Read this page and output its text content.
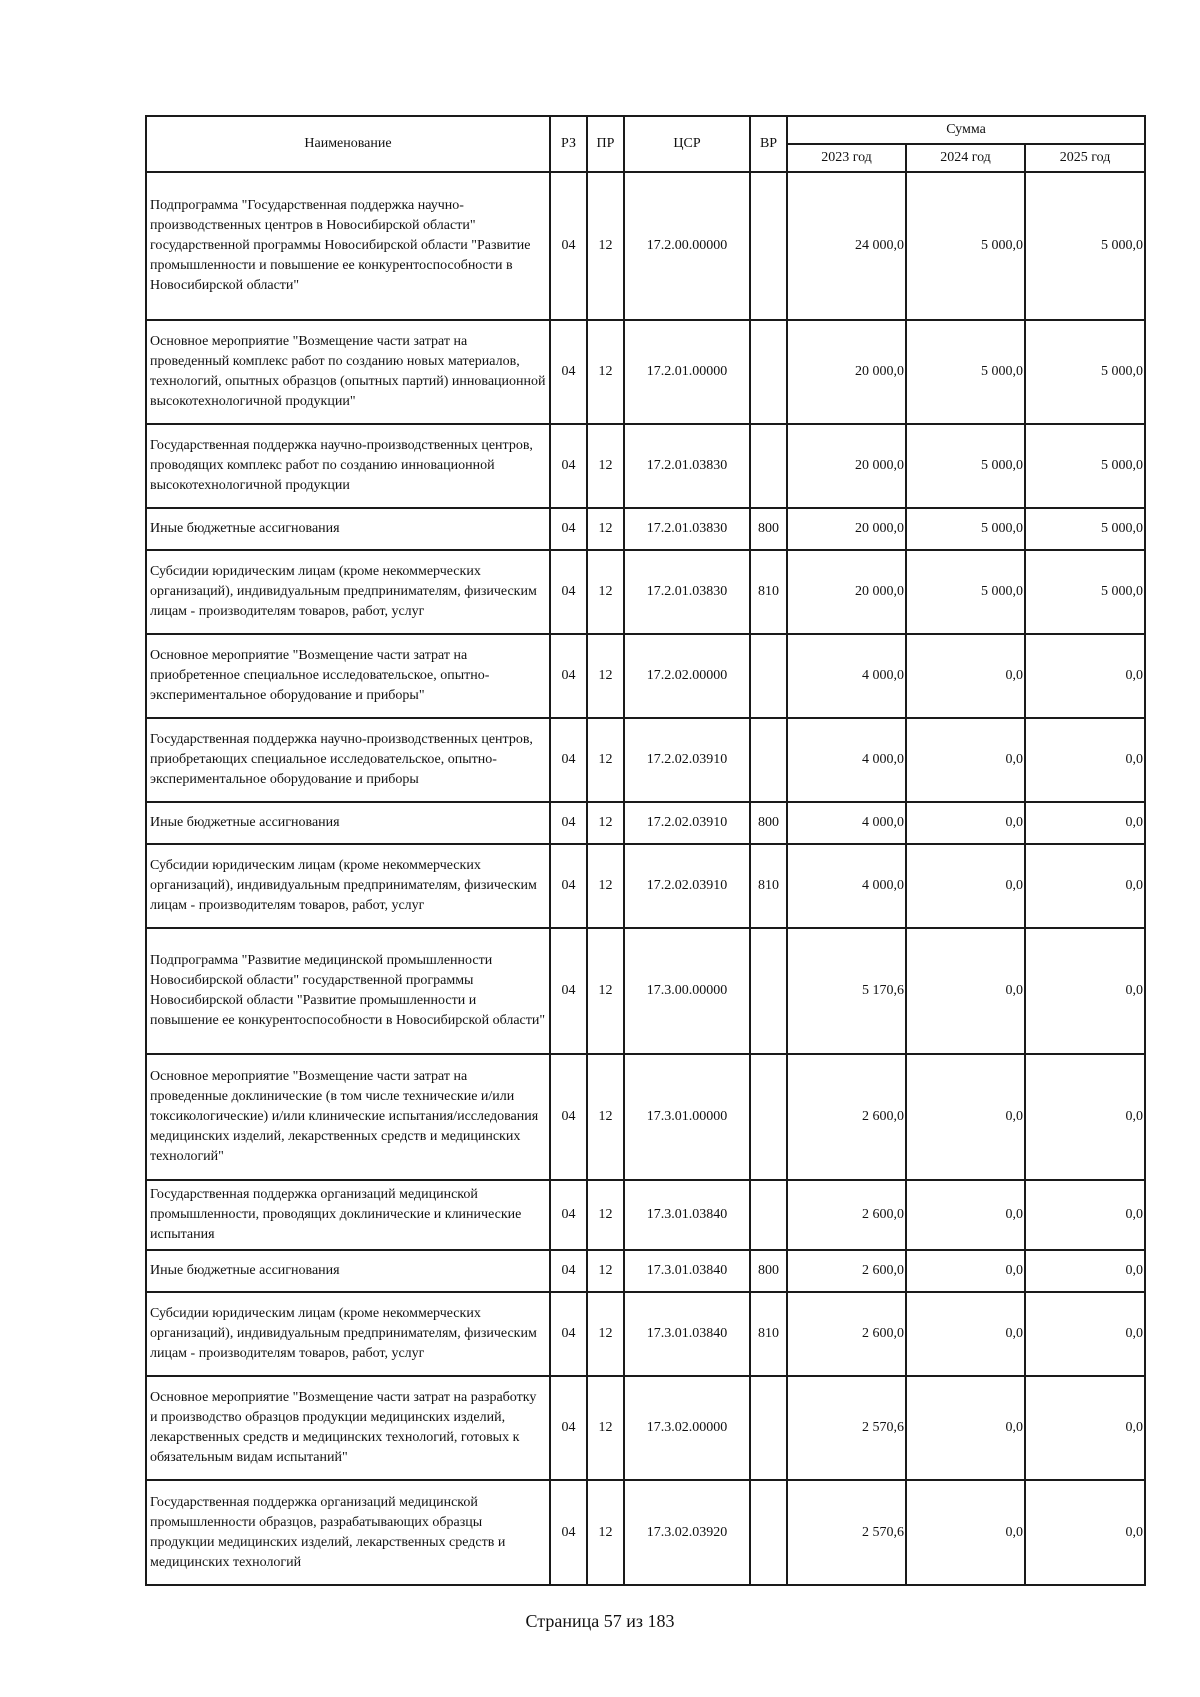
Наименование	РЗ	ПР	ЦСР	ВР	Сумма		
					2023 год	2024 год	2025 год
Подпрограмма "Государственная поддержка научно-производственных центров в Новосибирской области" государственной программы Новосибирской области "Развитие промышленности и повышение ее конкурентоспособности в Новосибирской области"	04	12	17.2.00.00000		24 000,0	5 000,0	5 000,0
Основное мероприятие "Возмещение части затрат на проведенный комплекс работ по созданию новых материалов, технологий, опытных образцов (опытных партий) инновационной высокотехнологичной продукции"	04	12	17.2.01.00000		20 000,0	5 000,0	5 000,0
Государственная поддержка научно-производственных центров, проводящих комплекс работ по созданию инновационной высокотехнологичной продукции	04	12	17.2.01.03830		20 000,0	5 000,0	5 000,0
Иные бюджетные ассигнования	04	12	17.2.01.03830	800	20 000,0	5 000,0	5 000,0
Субсидии юридическим лицам (кроме некоммерческих организаций), индивидуальным предпринимателям, физическим лицам - производителям товаров, работ, услуг	04	12	17.2.01.03830	810	20 000,0	5 000,0	5 000,0
Основное мероприятие "Возмещение части затрат на приобретенное специальное исследовательское, опытно-экспериментальное оборудование и приборы"	04	12	17.2.02.00000		4 000,0	0,0	0,0
Государственная поддержка научно-производственных центров, приобретающих специальное исследовательское, опытно-экспериментальное оборудование и приборы	04	12	17.2.02.03910		4 000,0	0,0	0,0
Иные бюджетные ассигнования	04	12	17.2.02.03910	800	4 000,0	0,0	0,0
Субсидии юридическим лицам (кроме некоммерческих организаций), индивидуальным предпринимателям, физическим лицам - производителям товаров, работ, услуг	04	12	17.2.02.03910	810	4 000,0	0,0	0,0
Подпрограмма "Развитие медицинской промышленности Новосибирской области" государственной программы Новосибирской области "Развитие промышленности и повышение ее конкурентоспособности в Новосибирской области"	04	12	17.3.00.00000		5 170,6	0,0	0,0
Основное мероприятие "Возмещение части затрат на проведенные доклинические (в том числе технические и/или токсикологические) и/или клинические испытания/исследования медицинских изделий, лекарственных средств и медицинских технологий"	04	12	17.3.01.00000		2 600,0	0,0	0,0
Государственная поддержка организаций медицинской промышленности, проводящих доклинические и клинические испытания	04	12	17.3.01.03840		2 600,0	0,0	0,0
Иные бюджетные ассигнования	04	12	17.3.01.03840	800	2 600,0	0,0	0,0
Субсидии юридическим лицам (кроме некоммерческих организаций), индивидуальным предпринимателям, физическим лицам - производителям товаров, работ, услуг	04	12	17.3.01.03840	810	2 600,0	0,0	0,0
Основное мероприятие "Возмещение части затрат на разработку и производство образцов продукции медицинских изделий, лекарственных средств и медицинских технологий, готовых к обязательным видам испытаний"	04	12	17.3.02.00000		2 570,6	0,0	0,0
Государственная поддержка организаций медицинской промышленности образцов, разрабатывающих образцы продукции медицинских изделий, лекарственных средств и медицинских технологий	04	12	17.3.02.03920		2 570,6	0,0	0,0
Страница 57 из 183
